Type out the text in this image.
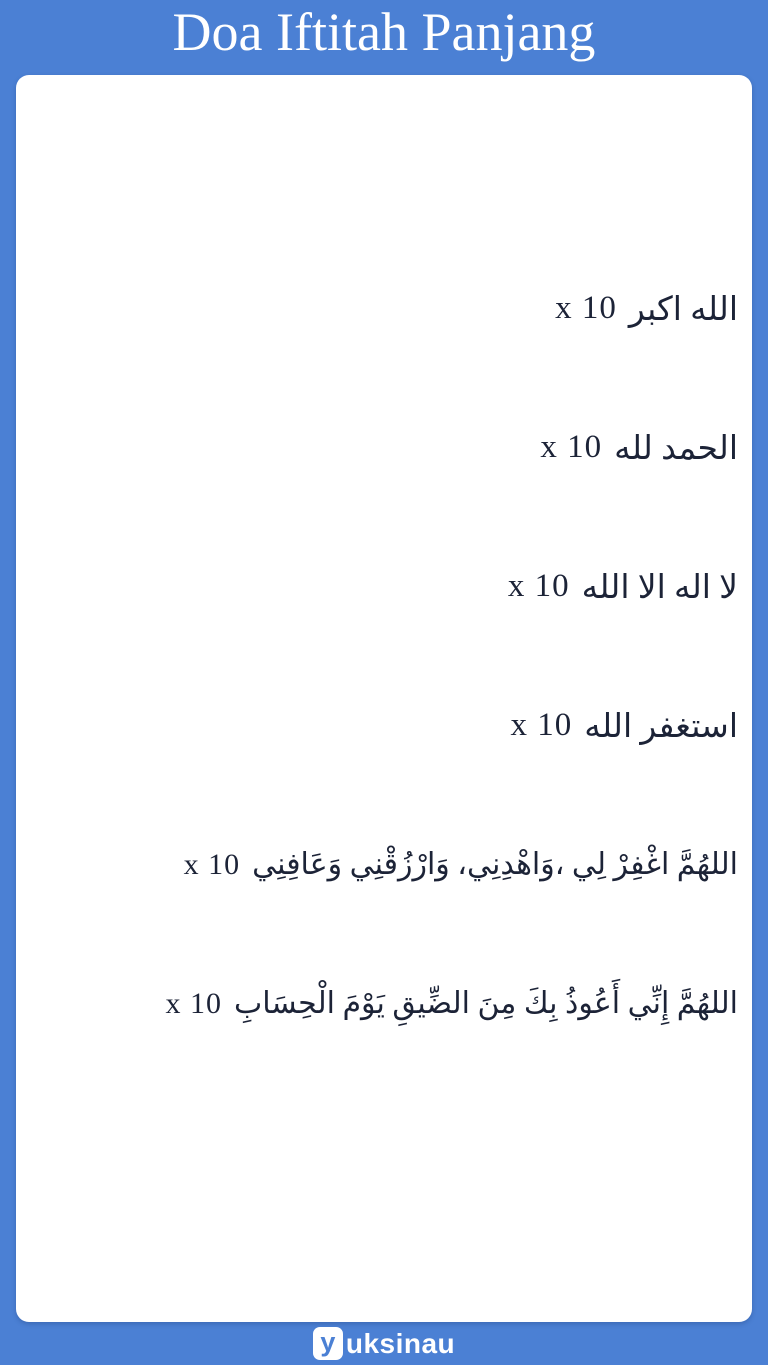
Doa Iftitah Panjang
الله اكبر
10 x
الحمد لله
10 x
لا اله الا الله
10 x
استغفر الله
10 x
اللهُمَّ اغْفِرْ لِي ،وَاهْدِنِي، وَارْزُقْنِي وَعَافِنِي
10 x
اللهُمَّ إِنِّي أَعُوذُ بِكَ مِنَ الضِّيقِ يَوْمَ الْحِسَابِ
10 x
y uksinau
